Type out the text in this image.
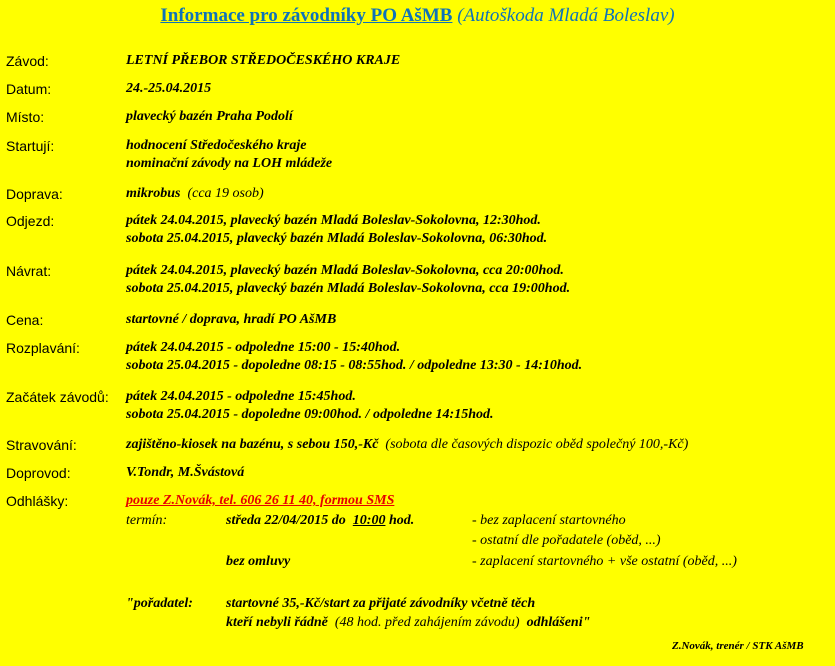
Informace pro závodníky PO AšMB (Autoškoda Mladá Boleslav)
Závod:	LETNÍ PŘEBOR STŘEDOČESKÉHO KRAJE
Datum:	24.-25.04.2015
Místo:	plavecký bazén Praha Podolí
Startují:	hodnocení Středočeského kraje
nominační závody na LOH mládeže
Doprava:	mikrobus  (cca 19 osob)
Odjezd:	pátek 24.04.2015, plavecký bazén Mladá Boleslav-Sokolovna, 12:30hod.
sobota 25.04.2015, plavecký bazén Mladá Boleslav-Sokolovna, 06:30hod.
Návrat:	pátek 24.04.2015, plavecký bazén Mladá Boleslav-Sokolovna, cca 20:00hod.
sobota 25.04.2015, plavecký bazén Mladá Boleslav-Sokolovna, cca 19:00hod.
Cena:	startovné / doprava, hradí PO AšMB
Rozplavání:	pátek 24.04.2015 - odpoledne 15:00 - 15:40hod.
sobota 25.04.2015 - dopoledne 08:15 - 08:55hod. / odpoledne 13:30 - 14:10hod.
Začátek závodů: pátek 24.04.2015 - odpoledne 15:45hod.
sobota 25.04.2015 - dopoledne 09:00hod. / odpoledne 14:15hod.
Stravování:	zajištěno-kiosek na bazénu, s sebou 150,-Kč  (sobota dle časových dispozic oběd společný 100,-Kč)
Doprovod:	V.Tondr, M.Švástová
Odhlášky:	pouze Z.Novák, tel. 606 26 11 40, formou SMS
termín:	středa 22/04/2015 do  10:00 hod.	- bez zaplacení startovného
- ostatní dle pořadatele (oběd, ...)
bez omluvy	- zaplacení startovného + vše ostatní (oběd, ...)
"pořadatel: startovné 35,-Kč/start za přijaté závodníky včetně těch
kteří nebyli řádně  (48 hod. před zahájením závodu)  odhlášeni"
Z.Novák, trenér / STK AšMB
